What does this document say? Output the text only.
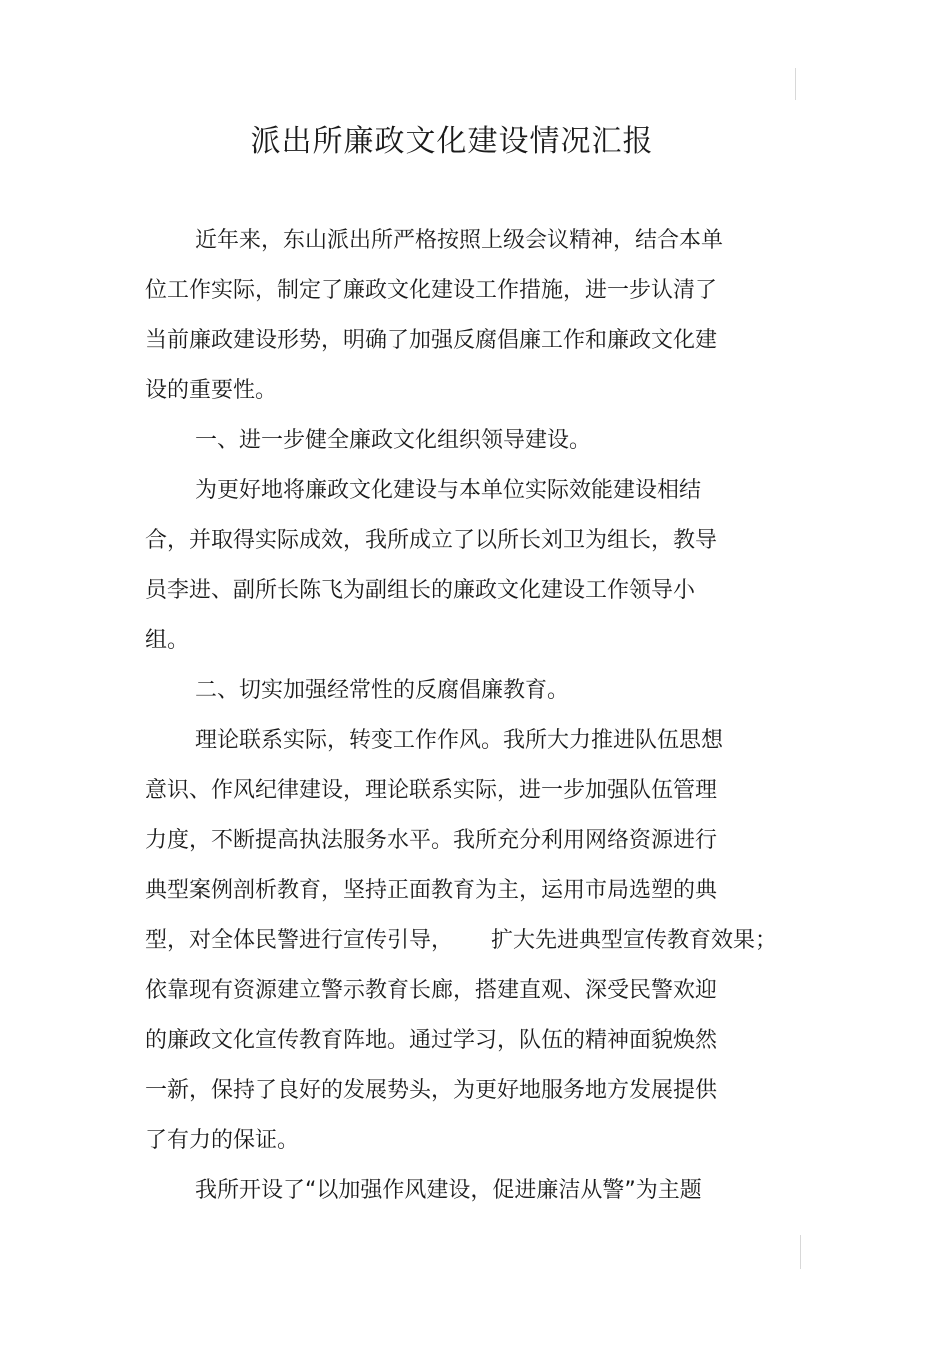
派出所廉政文化建设情况汇报
近年来，东山派出所严格按照上级会议精神，结合本单
位工作实际，制定了廉政文化建设工作措施，进一步认清了
当前廉政建设形势，明确了加强反腐倡廉工作和廉政文化建
设的重要性。
一、进一步健全廉政文化组织领导建设。
为更好地将廉政文化建设与本单位实际效能建设相结
合，并取得实际成效，我所成立了以所长刘卫为组长，教导
员李进、副所长陈飞为副组长的廉政文化建设工作领导小
组。
二、切实加强经常性的反腐倡廉教育。
理论联系实际，转变工作作风。我所大力推进队伍思想
意识、作风纪律建设，理论联系实际，进一步加强队伍管理
力度，不断提高执法服务水平。我所充分利用网络资源进行
典型案例剖析教育，坚持正面教育为主，运用市局选塑的典
型，对全体民警进行宣传引导， 扩大先进典型宣传教育效果；
依靠现有资源建立警示教育长廊，搭建直观、深受民警欢迎
的廉政文化宣传教育阵地。通过学习，队伍的精神面貌焕然
一新，保持了良好的发展势头，为更好地服务地方发展提供
了有力的保证。
我所开设了“以加强作风建设，促进廉洁从警”为主题
